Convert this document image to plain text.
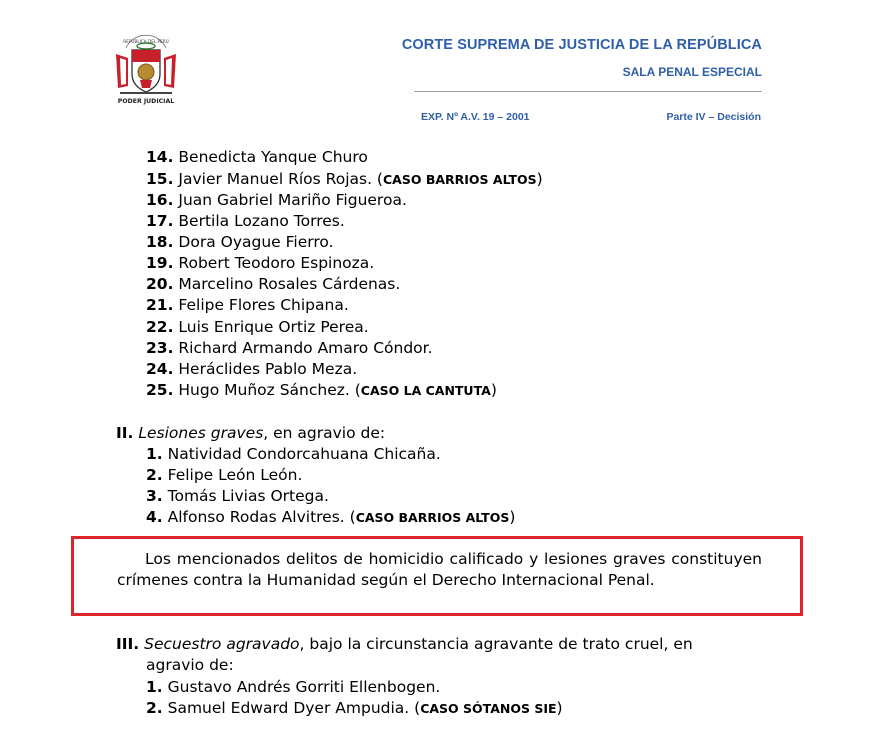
REPÚBLICA DEL PERÚ
PODER JUDICIAL
CORTE SUPREMA DE JUSTICIA DE LA REPÚBLICA
SALA PENAL ESPECIAL
EXP. Nº A.V. 19 – 2001	Parte IV – Decisión
14. Benedicta Yanque Churo
15. Javier Manuel Ríos Rojas. (CASO BARRIOS ALTOS)
16. Juan Gabriel Mariño Figueroa.
17. Bertila Lozano Torres.
18. Dora Oyague Fierro.
19. Robert Teodoro Espinoza.
20. Marcelino Rosales Cárdenas.
21. Felipe Flores Chipana.
22. Luis Enrique Ortiz Perea.
23. Richard Armando Amaro Cóndor.
24. Heráclides Pablo Meza.
25. Hugo Muñoz Sánchez. (CASO LA CANTUTA)
II. Lesiones graves, en agravio de:
1. Natividad Condorcahuana Chicaña.
2. Felipe León León.
3. Tomás Livias Ortega.
4. Alfonso Rodas Alvitres. (CASO BARRIOS ALTOS)
Los mencionados delitos de homicidio calificado y lesiones graves constituyen crímenes contra la Humanidad según el Derecho Internacional Penal.
III. Secuestro agravado, bajo la circunstancia agravante de trato cruel, en
agravio de:
1. Gustavo Andrés Gorriti Ellenbogen.
2. Samuel Edward Dyer Ampudia. (CASO SÓTANOS SIE)
